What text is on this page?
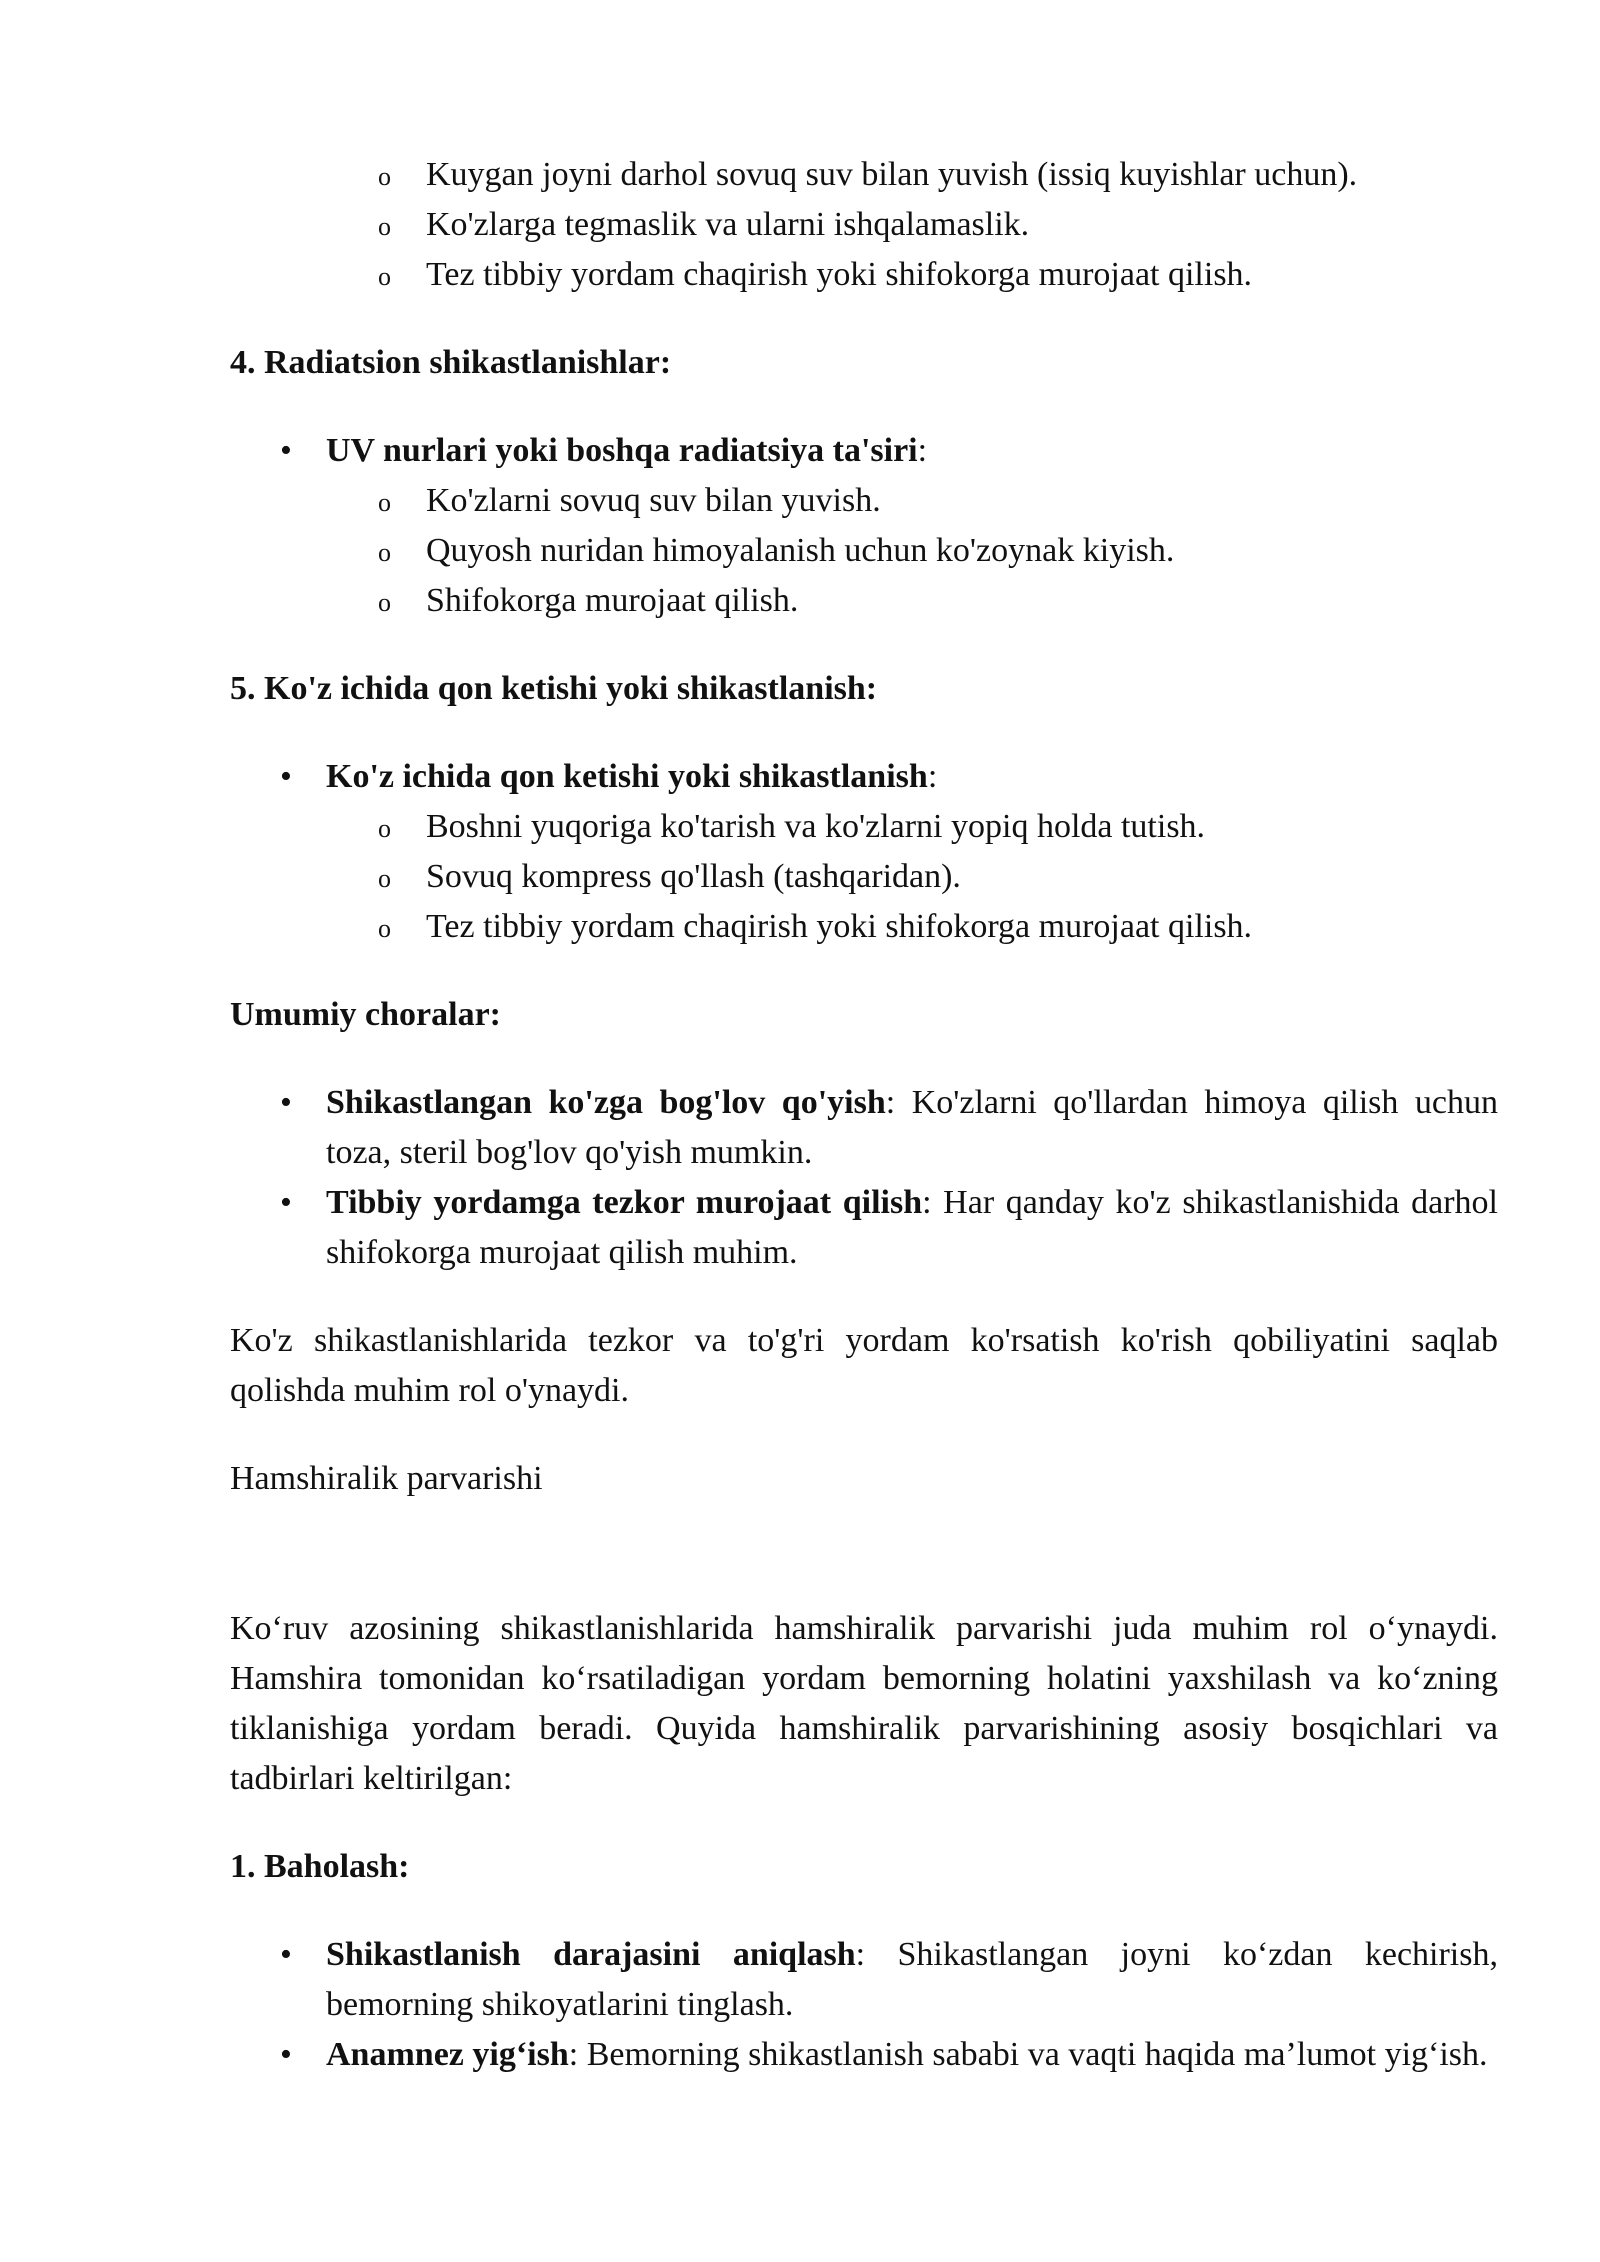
o Kuygan joyni darhol sovuq suv bilan yuvish (issiq kuyishlar uchun).
o Ko'zlarga tegmaslik va ularni ishqalamaslik.
o Tez tibbiy yordam chaqirish yoki shifokorga murojaat qilish.

4. Radiatsion shikastlanishlar:

• UV nurlari yoki boshqa radiatsiya ta'siri:
o Ko'zlarni sovuq suv bilan yuvish.
o Quyosh nuridan himoyalanish uchun ko'zoynak kiyish.
o Shifokorga murojaat qilish.

5. Ko'z ichida qon ketishi yoki shikastlanish:

• Ko'z ichida qon ketishi yoki shikastlanish:
o Boshni yuqoriga ko'tarish va ko'zlarni yopiq holda tutish.
o Sovuq kompress qo'llash (tashqaridan).
o Tez tibbiy yordam chaqirish yoki shifokorga murojaat qilish.

Umumiy choralar:

• Shikastlangan ko'zga bog'lov qo'yish: Ko'zlarni qo'llardan himoya qilish uchun toza, steril bog'lov qo'yish mumkin.
• Tibbiy yordamga tezkor murojaat qilish: Har qanday ko'z shikastlanishida darhol shifokorga murojaat qilish muhim.

Ko'z shikastlanishlarida tezkor va to'g'ri yordam ko'rsatish ko'rish qobiliyatini saqlab qolishda muhim rol o'ynaydi.

Hamshiralik parvarishi

Ko‘ruv azosining shikastlanishlarida hamshiralik parvarishi juda muhim rol o‘ynaydi. Hamshira tomonidan ko‘rsatiladigan yordam bemorning holatini yaxshilash va ko‘zning tiklanishiga yordam beradi. Quyida hamshiralik parvarishining asosiy bosqichlari va tadbirlari keltirilgan:

1. Baholash:

• Shikastlanish darajasini aniqlash: Shikastlangan joyni ko‘zdan kechirish, bemorning shikoyatlarini tinglash.
• Anamnez yig‘ish: Bemorning shikastlanish sababi va vaqti haqida ma’lumot yig‘ish.
